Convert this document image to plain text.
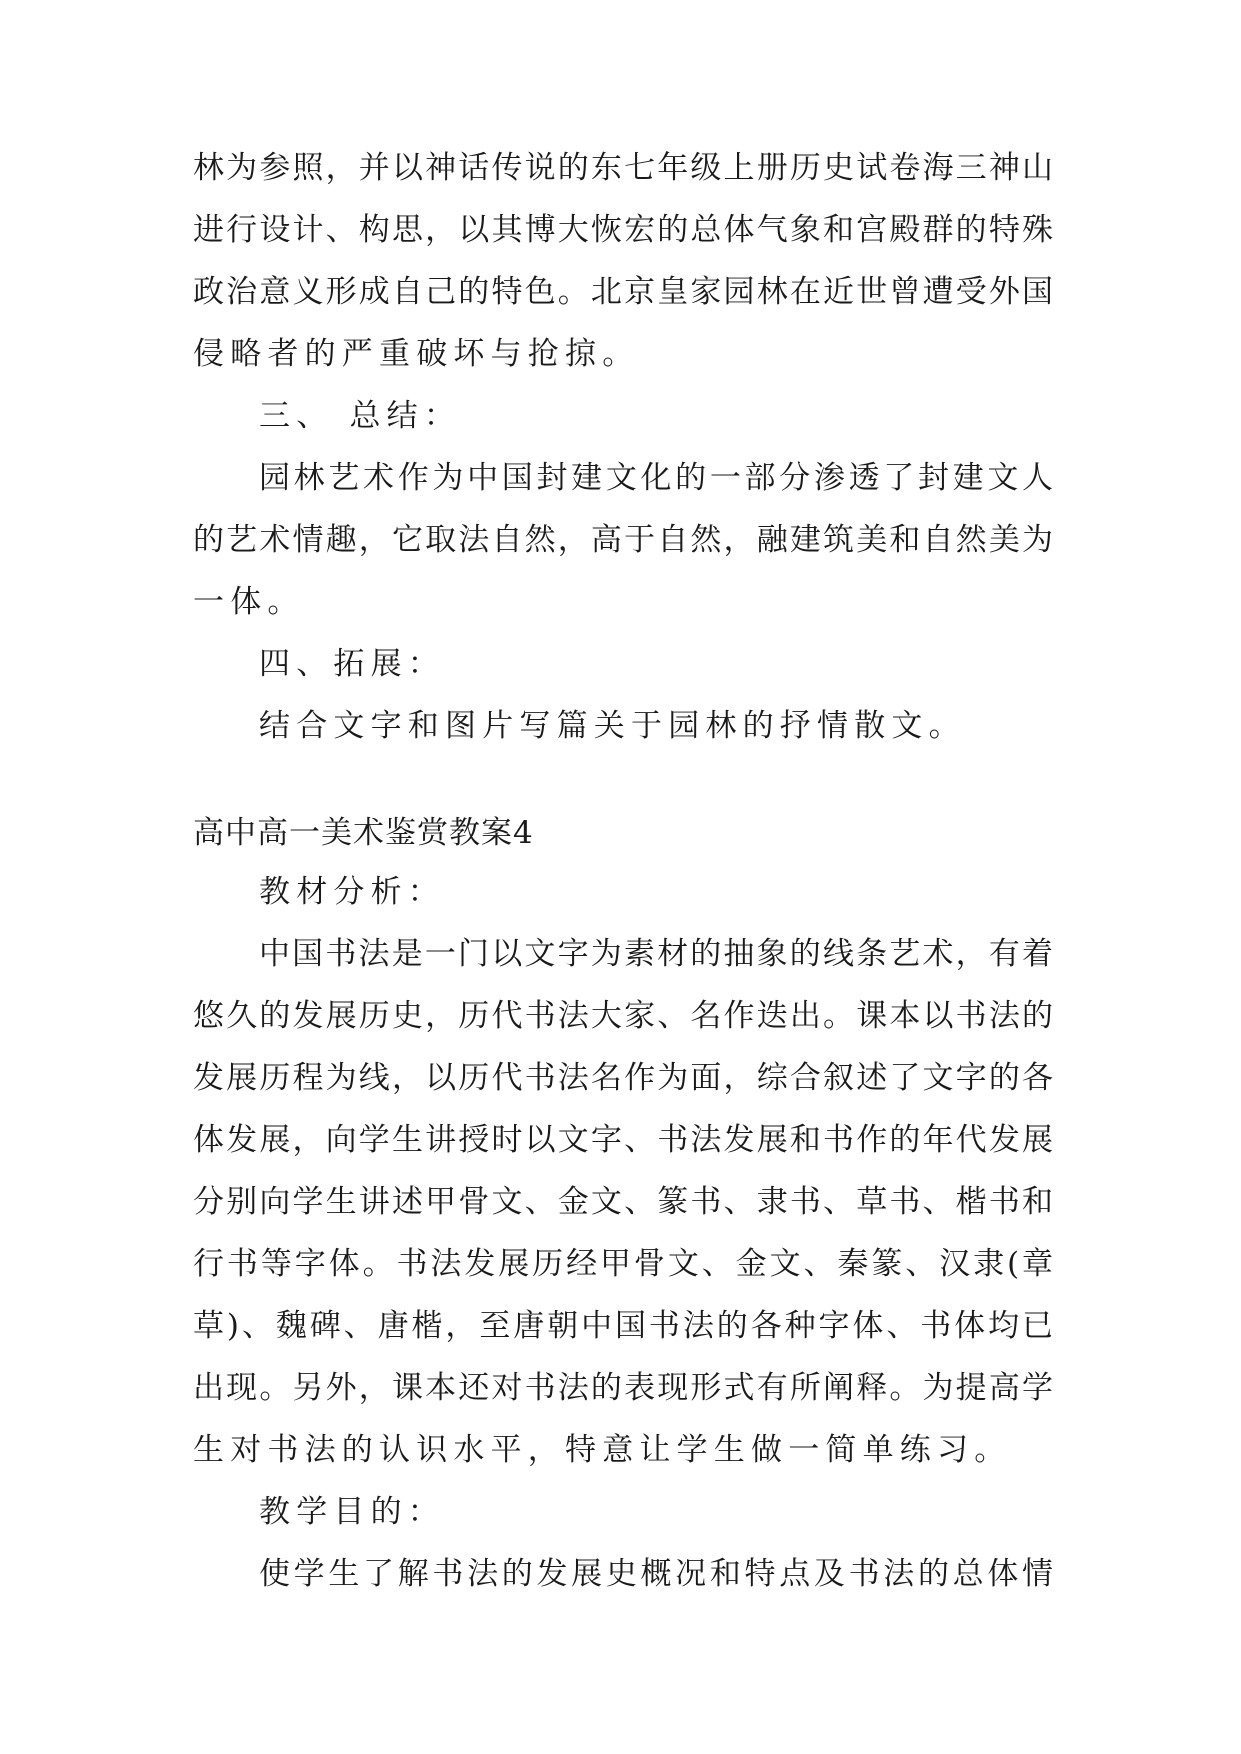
林为参照，并以神话传说的东七年级上册历史试卷海三神山
进行设计、构思，以其博大恢宏的总体气象和宫殿群的特殊
政治意义形成自己的特色。北京皇家园林在近世曾遭受外国
侵略者的严重破坏与抢掠。
三、 总结：
园林艺术作为中国封建文化的一部分渗透了封建文人
的艺术情趣，它取法自然，高于自然，融建筑美和自然美为
一体。
四、拓展：
结合文字和图片写篇关于园林的抒情散文。
高中高一美术鉴赏教案4
教材分析：
中国书法是一门以文字为素材的抽象的线条艺术，有着
悠久的发展历史，历代书法大家、名作迭出。课本以书法的
发展历程为线，以历代书法名作为面，综合叙述了文字的各
体发展，向学生讲授时以文字、书法发展和书作的年代发展
分别向学生讲述甲骨文、金文、篆书、隶书、草书、楷书和
行书等字体。书法发展历经甲骨文、金文、秦篆、汉隶(章
草)、魏碑、唐楷，至唐朝中国书法的各种字体、书体均已
出现。另外，课本还对书法的表现形式有所阐释。为提高学
生对书法的认识水平，特意让学生做一简单练习。
教学目的：
使学生了解书法的发展史概况和特点及书法的总体情
